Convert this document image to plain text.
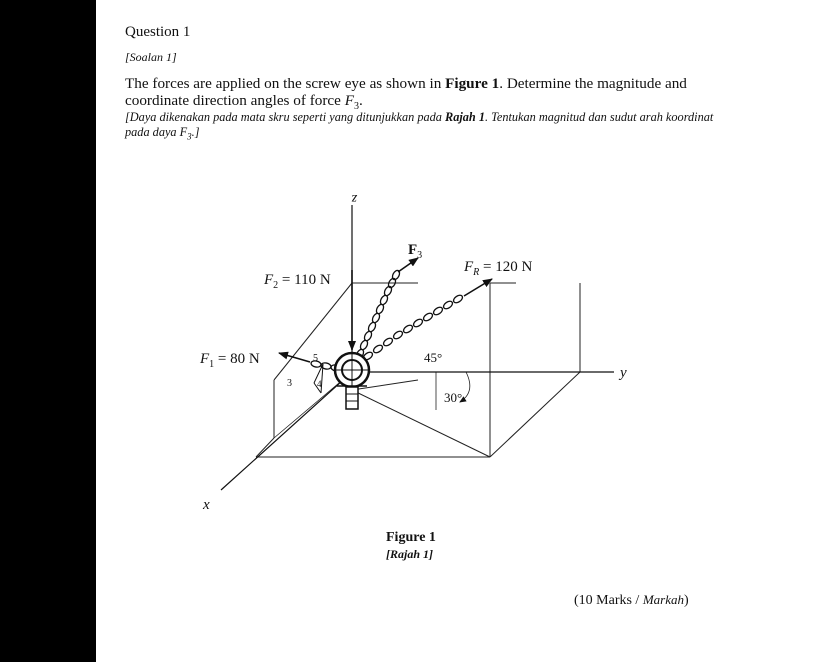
Question 1
[Soalan 1]
The forces are applied on the screw eye as shown in Figure 1. Determine the magnitude and coordinate direction angles of force $F_3$.
[Daya dikenakan pada mata skru seperti yang ditunjukkan pada Rajah 1. Tentukan magnitud dan sudut arah koordinat pada daya $F_3$.]
z
x
y
$F_3$
$F_2 = 110$ N
$F_1 = 80$ N
$F_R = 120$ N
45°
30°
5
3	4
Figure 1
[Rajah 1]
(10 Marks / Markah)
